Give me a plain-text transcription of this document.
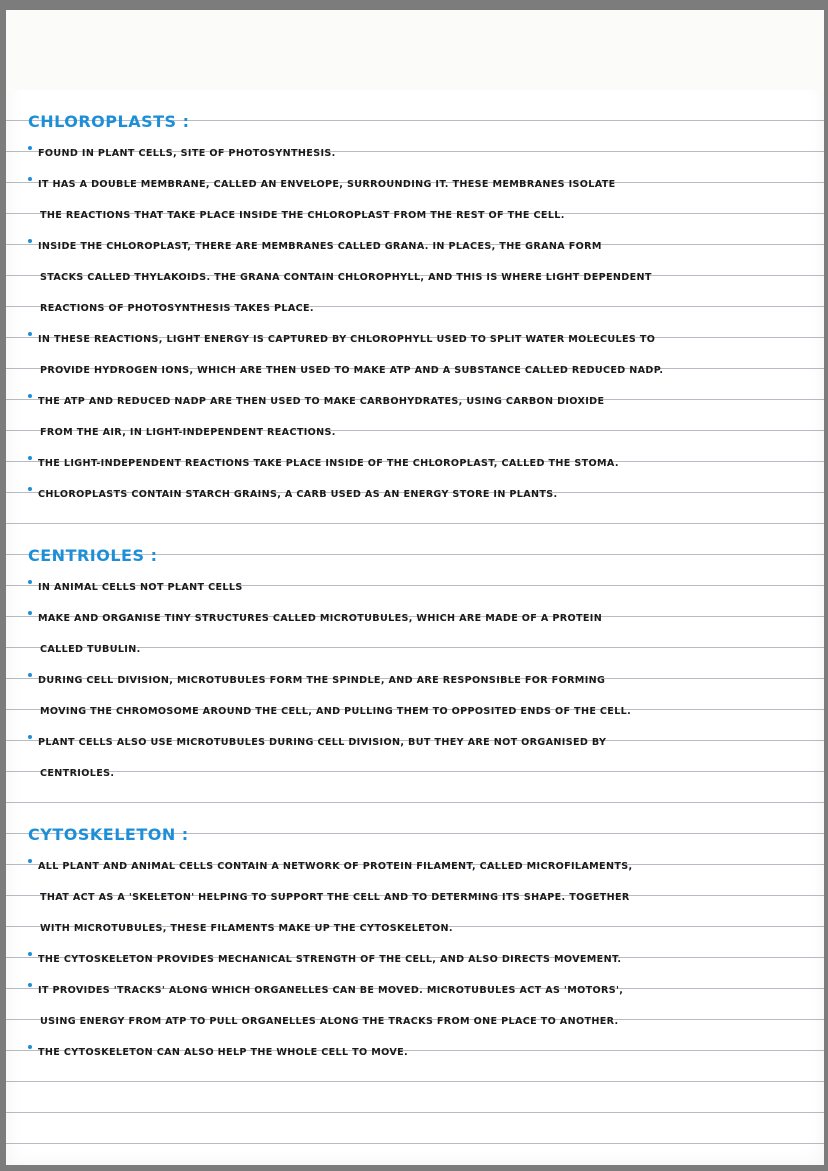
CHLOROPLASTS :

FOUND IN PLANT CELLS, SITE OF PHOTOSYNTHESIS.

IT HAS A DOUBLE MEMBRANE, CALLED AN ENVELOPE, SURROUNDING IT. THESE MEMBRANES ISOLATE

THE REACTIONS THAT TAKE PLACE INSIDE THE CHLOROPLAST FROM THE REST OF THE CELL.

INSIDE THE CHLOROPLAST, THERE ARE MEMBRANES CALLED GRANA. IN PLACES, THE GRANA FORM

STACKS CALLED THYLAKOIDS. THE GRANA CONTAIN CHLOROPHYLL, AND THIS IS WHERE LIGHT DEPENDENT

REACTIONS OF PHOTOSYNTHESIS TAKES PLACE.

IN THESE REACTIONS, LIGHT ENERGY IS CAPTURED BY CHLOROPHYLL USED TO SPLIT WATER MOLECULES TO

PROVIDE HYDROGEN IONS, WHICH ARE THEN USED TO MAKE ATP AND A SUBSTANCE CALLED REDUCED NADP.

THE ATP AND REDUCED NADP ARE THEN USED TO MAKE CARBOHYDRATES, USING CARBON DIOXIDE

FROM THE AIR, IN LIGHT-INDEPENDENT REACTIONS.

THE LIGHT-INDEPENDENT REACTIONS TAKE PLACE INSIDE OF THE CHLOROPLAST, CALLED THE STOMA.

CHLOROPLASTS CONTAIN STARCH GRAINS, A CARB USED AS AN ENERGY STORE IN PLANTS.

CENTRIOLES :

IN ANIMAL CELLS NOT PLANT CELLS

MAKE AND ORGANISE TINY STRUCTURES CALLED MICROTUBULES, WHICH ARE MADE OF A PROTEIN

CALLED TUBULIN.

DURING CELL DIVISION, MICROTUBULES FORM THE SPINDLE, AND ARE RESPONSIBLE FOR FORMING

MOVING THE CHROMOSOME AROUND THE CELL, AND PULLING THEM TO OPPOSITED ENDS OF THE CELL.

PLANT CELLS ALSO USE MICROTUBULES DURING CELL DIVISION, BUT THEY ARE NOT ORGANISED BY

CENTRIOLES.

CYTOSKELETON :

ALL PLANT AND ANIMAL CELLS CONTAIN A NETWORK OF PROTEIN FILAMENT, CALLED MICROFILAMENTS,

THAT ACT AS A 'SKELETON' HELPING TO SUPPORT THE CELL AND TO DETERMING ITS SHAPE. TOGETHER

WITH MICROTUBULES, THESE FILAMENTS MAKE UP THE CYTOSKELETON.

THE CYTOSKELETON PROVIDES MECHANICAL STRENGTH OF THE CELL, AND ALSO DIRECTS MOVEMENT.

IT PROVIDES 'TRACKS' ALONG WHICH ORGANELLES CAN BE MOVED. MICROTUBULES ACT AS 'MOTORS',

USING ENERGY FROM ATP TO PULL ORGANELLES ALONG THE TRACKS FROM ONE PLACE TO ANOTHER.

THE CYTOSKELETON CAN ALSO HELP THE WHOLE CELL TO MOVE.
